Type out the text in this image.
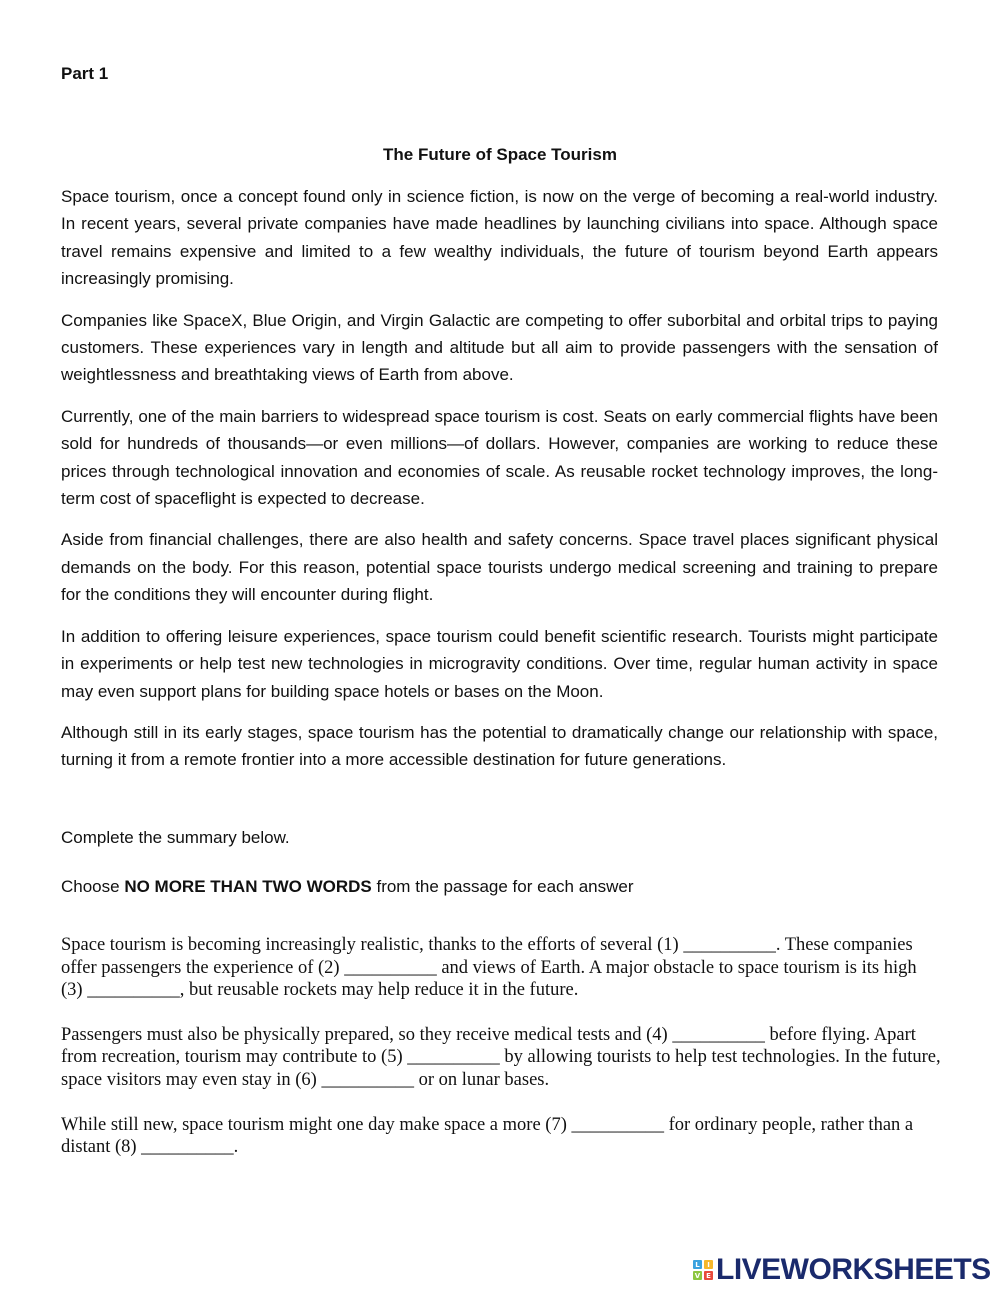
Part 1
The Future of Space Tourism

Space tourism, once a concept found only in science fiction, is now on the verge of becoming a real-world industry. In recent years, several private companies have made headlines by launching civilians into space. Although space travel remains expensive and limited to a few wealthy individuals, the future of tourism beyond Earth appears increasingly promising.

Companies like SpaceX, Blue Origin, and Virgin Galactic are competing to offer suborbital and orbital trips to paying customers. These experiences vary in length and altitude but all aim to provide passengers with the sensation of weightlessness and breathtaking views of Earth from above.

Currently, one of the main barriers to widespread space tourism is cost. Seats on early commercial flights have been sold for hundreds of thousands—or even millions—of dollars. However, companies are working to reduce these prices through technological innovation and economies of scale. As reusable rocket technology improves, the long-term cost of spaceflight is expected to decrease.

Aside from financial challenges, there are also health and safety concerns. Space travel places significant physical demands on the body. For this reason, potential space tourists undergo medical screening and training to prepare for the conditions they will encounter during flight.

In addition to offering leisure experiences, space tourism could benefit scientific research. Tourists might participate in experiments or help test new technologies in microgravity conditions. Over time, regular human activity in space may even support plans for building space hotels or bases on the Moon.

Although still in its early stages, space tourism has the potential to dramatically change our relationship with space, turning it from a remote frontier into a more accessible destination for future generations.

Complete the summary below.
Choose NO MORE THAN TWO WORDS from the passage for each answer

Space tourism is becoming increasingly realistic, thanks to the efforts of several (1) __________. These companies offer passengers the experience of (2) __________ and views of Earth. A major obstacle to space tourism is its high (3) __________, but reusable rockets may help reduce it in the future.

Passengers must also be physically prepared, so they receive medical tests and (4) __________ before flying. Apart from recreation, tourism may contribute to (5) __________ by allowing tourists to help test technologies. In the future, space visitors may even stay in (6) __________ or on lunar bases.

While still new, space tourism might one day make space a more (7) __________ for ordinary people, rather than a distant (8) __________.

L	I
V E LIVEWORKSHEETS
